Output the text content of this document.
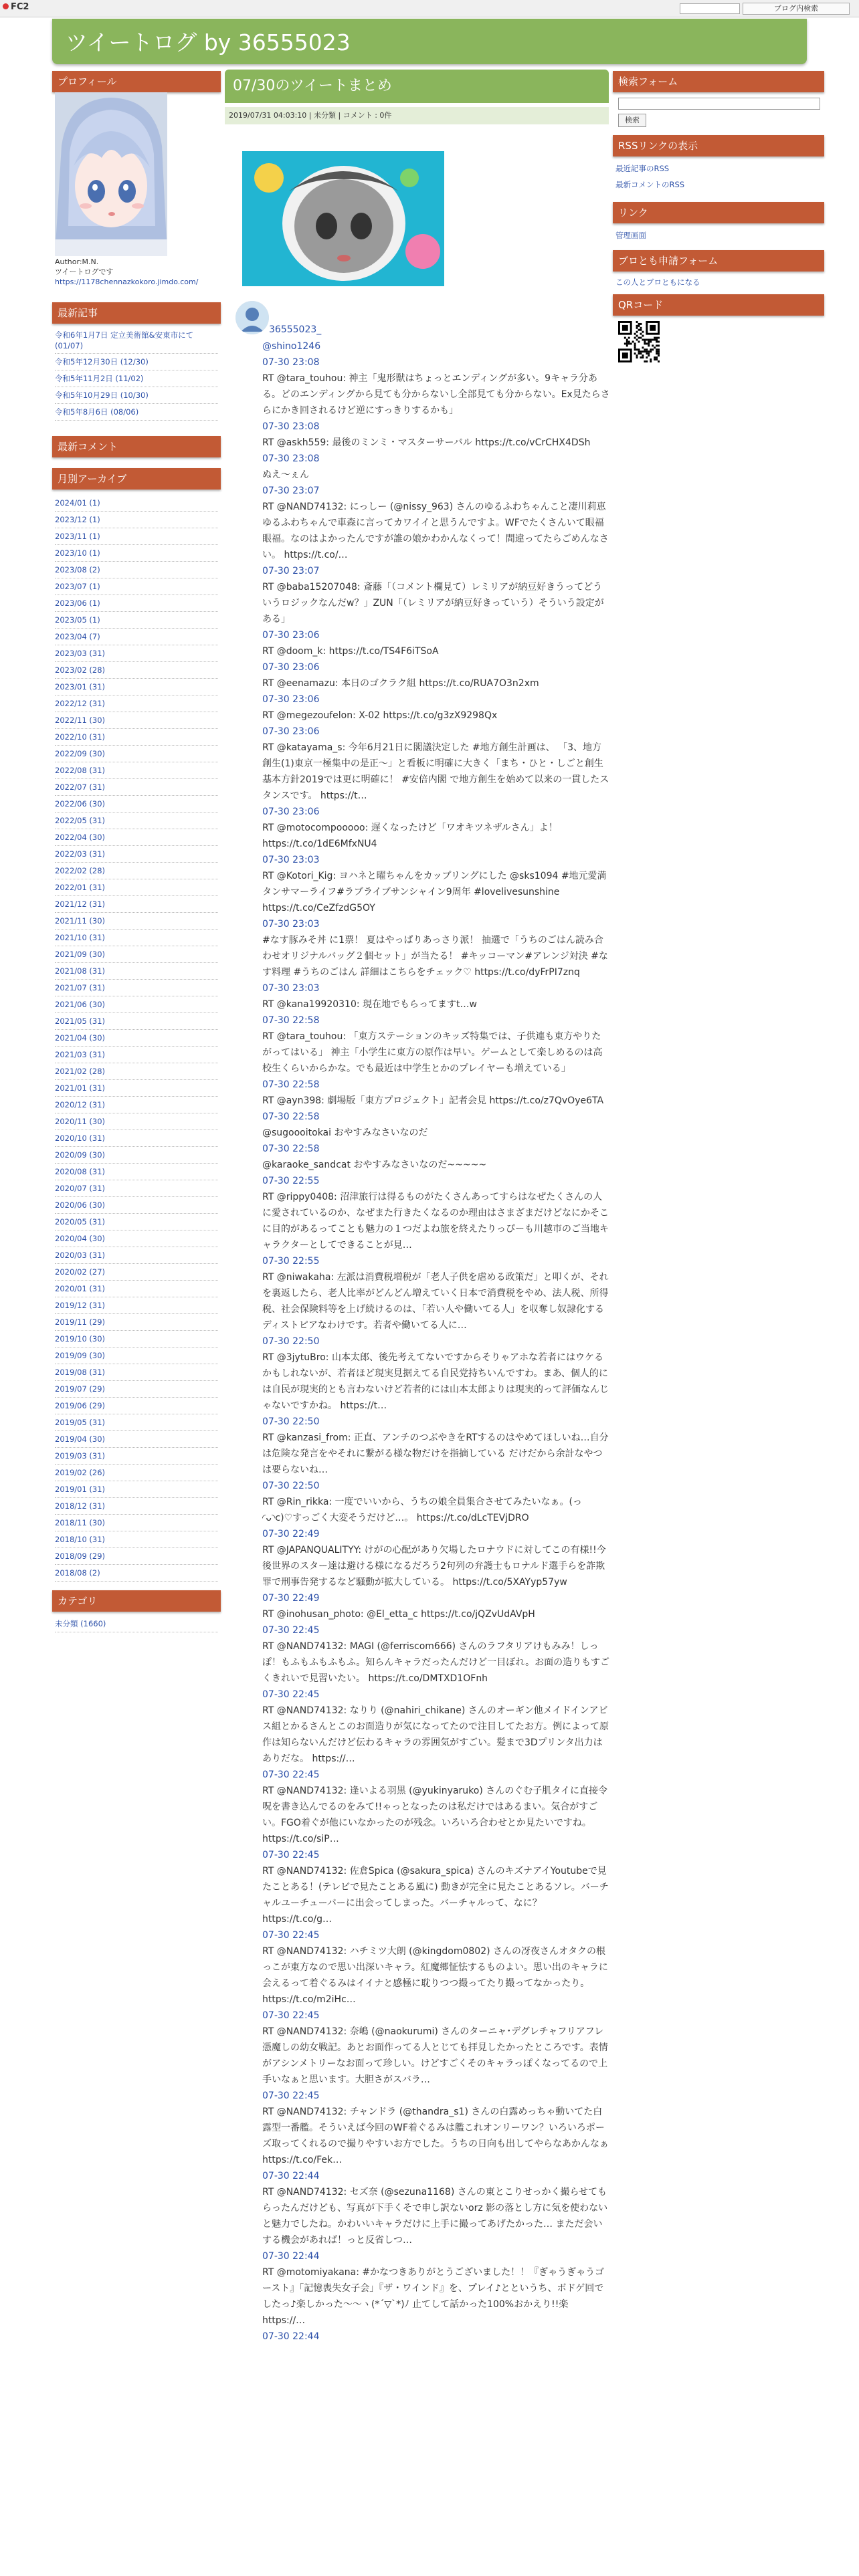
FC2	ブログ内検索
ツイートログ by 36555023
プロフィール
Author:M.N.
ツイートログです
https://1178chennazkokoro.jimdo.com/
最新記事
令和6年1月7日 定立美術館&安東市にて (01/07)
令和5年12月30日 (12/30)
令和5年11月2日 (11/02)
令和5年10月29日 (10/30)
令和5年8月6日 (08/06)
最新コメント
月別アーカイブ
2024/01 (1)
2023/12 (1)
2023/11 (1)
2023/10 (1)
2023/08 (2)
2023/07 (1)
2023/06 (1)
2023/05 (1)
2023/04 (7)
2023/03 (31)
2023/02 (28)
2023/01 (31)
2022/12 (31)
2022/11 (30)
2022/10 (31)
2022/09 (30)
2022/08 (31)
2022/07 (31)
2022/06 (30)
2022/05 (31)
2022/04 (30)
2022/03 (31)
2022/02 (28)
2022/01 (31)
2021/12 (31)
2021/11 (30)
2021/10 (31)
2021/09 (30)
2021/08 (31)
2021/07 (31)
2021/06 (30)
2021/05 (31)
2021/04 (30)
2021/03 (31)
2021/02 (28)
2021/01 (31)
2020/12 (31)
2020/11 (30)
2020/10 (31)
2020/09 (30)
2020/08 (31)
2020/07 (31)
2020/06 (30)
2020/05 (31)
2020/04 (30)
2020/03 (31)
2020/02 (27)
2020/01 (31)
2019/12 (31)
2019/11 (29)
2019/10 (30)
2019/09 (30)
2019/08 (31)
2019/07 (29)
2019/06 (29)
2019/05 (31)
2019/04 (30)
2019/03 (31)
2019/02 (26)
2019/01 (31)
2018/12 (31)
2018/11 (30)
2018/10 (31)
2018/09 (29)
2018/08 (2)
カテゴリ
未分類 (1660)
07/30のツイートまとめ
2019/07/31 04:03:10 | 未分類 | コメント : 0件
36555023_
@shino1246
07-30 23:08
RT @tara_touhou: 神主「鬼形獣はちょっとエンディングが多い。9キャラ分ある。どのエンディングから見ても分からないし全部見ても分からない。Ex見たらさらにかき回されるけど逆にすっきりするかも」
07-30 23:08
RT @askh559: 最後のミンミ・マスターサーバル https://t.co/vCrCHX4DSh
07-30 23:08
ぬえ〜ぇん
07-30 23:07
RT @NAND74132: にっしー (@nissy_963) さんのゆるふわちゃんこと凄川莉恵ゆるふわちゃんで車森に言ってカワイイと思うんですよ。WFでたくさんいて眼福眼福。なのはよかったんですが誰の娘かわかんなくって！間違ってたらごめんなさい。 https://t.co/…
07-30 23:07
RT @baba15207048: 斎藤「（コメント欄見て）レミリアが納豆好きうってどういうロジックなんだw？」ZUN「（レミリアが納豆好きっていう）そういう設定がある」
07-30 23:06
RT @doom_k: https://t.co/TS4F6iTSoA
07-30 23:06
RT @eenamazu: 本日のゴクラク組 https://t.co/RUA7O3n2xm
07-30 23:06
RT @megezoufelon: X-02 https://t.co/g3zX9298Qx
07-30 23:06
RT @katayama_s: 今年6月21日に閣議決定した #地方創生計画は、 「3、地方創生(1)東京一極集中の是正〜」と看板に明確に大きく「まち・ひと・しごと創生基本方針2019では更に明確に！ #安倍内閣 で地方創生を始めて以来の一貫したスタンスです。 https://t…
07-30 23:06
RT @motocompooooo: 遅くなったけど「ワオキツネザルさん」よ！ https://t.co/1dE6MfxNU4
07-30 23:03
RT @Kotori_Kig: ヨハネと曜ちゃんをカップリングにした @sks1094 #地元愛満タンサマーライフ#ラブライブサンシャイン9周年 #lovelivesunshine https://t.co/CeZfzdG5OY
07-30 23:03
#なす豚みそ丼 に1票！ 夏はやっぱりあっさり派！ 抽選で「うちのごはん読み合わせオリジナルバッグ２個セット」が当たる！ #キッコーマン#アレンジ対決 #なす料理 #うちのごはん 詳細はこちらをチェック♡ https://t.co/dyFrPI7znq
07-30 23:03
RT @kana19920310: 現在地でもらってますt…w
07-30 22:58
RT @tara_touhou: 「東方ステーションのキッズ特集では、子供連も東方やりたがってはいる」 神主「小学生に東方の原作は早い。ゲームとして楽しめるのは高校生くらいからかな。でも最近は中学生とかのプレイヤーも増えている」
07-30 22:58
RT @ayn398: 劇場版「東方プロジェクト」記者会見 https://t.co/z7QvOye6TA
07-30 22:58
@sugoooitokai おやすみなさいなのだ
07-30 22:58
@karaoke_sandcat おやすみなさいなのだ~~~~~
07-30 22:55
RT @rippy0408: 沼津旅行は得るものがたくさんあってすらはなぜたくさんの人に愛されているのか、なぜまた行きたくなるのか理由はさまざまだけどなにかそこに目的があるってことも魅力の１つだよね旅を終えたりっぴーも川越市のご当地キャラクターとしてできることが見…
07-30 22:55
RT @niwakaha: 左派は消費税増税が「老人子供を虐める政策だ」と叩くが、それを裏返したら、老人比率がどんどん増えていく日本で消費税をやめ、法人税、所得税、社会保険料等を上げ続けるのは、「若い人や働いてる人」を収奪し奴隷化するディストピアなわけです。若者や働いてる人に…
07-30 22:50
RT @3jytuBro: 山本太郎、後先考えてないですからそりゃアホな若者にはウケるかもしれないが、若者ほど現実見据えてる自民党持ちいんですわ。まあ、個人的には自民が現実的とも言わないけど若者的には山本太郎よりは現実的って評価なんじゃないですかね。 https://t…
07-30 22:50
RT @kanzasi_from: 正直、アンチのつぶやきをRTするのはやめてほしいね…自分は危険な発言をやそれに繋がる様な物だけを指摘している だけだから余計なやつは要らないね…
07-30 22:50
RT @Rin_rikka: 一度でいいから、うちの娘全員集合させてみたいなぁ。(っ◜ᴗ◝c)♡すっごく大変そうだけど…。 https://t.co/dLcTEVjDRO
07-30 22:49
RT @JAPANQUALITYY: けがの心配があり欠場したロナウドに対してこの有様!!今後世界のスター達は避ける様になるだろう2句列の弁護士もロナルド選手らを詐欺罪で刑事告発するなど騒動が拡大している。 https://t.co/5XAYyp57yw
07-30 22:49
RT @inohusan_photo: @El_etta_c https://t.co/jQZvUdAVpH
07-30 22:45
RT @NAND74132: MAGI (@ferriscom666) さんのラフタリアけもみみ！しっぽ！もふもふもふもふ。知らんキャラだったんだけど一目ぼれ。お面の造りもすごくきれいで見習いたい。 https://t.co/DMTXD1OFnh
07-30 22:45
RT @NAND74132: なりり (@nahiri_chikane) さんのオーギン他メイドインアビス組とかるさんとこのお面造りが気になってたので注目してたお方。例によって原作は知らないんだけど伝わるキャラの雰囲気がすごい。髪まで3Dプリンタ出力はありだな。 https://…
07-30 22:45
RT @NAND74132: 逢いよる羽黒 (@yukinyaruko) さんのぐむ子肌タイに直接令呪を書き込んでるのをみて!!ゃっとなったのは私だけではあるまい。気合がすごい。FGO着ぐが他にいなかったのが残念。いろいろ合わせとか見たいですね。 https://t.co/siP…
07-30 22:45
RT @NAND74132: 佐倉Spica (@sakura_spica) さんのキズナアイYoutubeで見たことある！(テレビで見たことある風に) 動きが完全に見たことあるソレ。バーチャルユーチューバーに出会ってしまった。バーチャルって、なに？ https://t.co/g…
07-30 22:45
RT @NAND74132: ハチミツ大朗 (@kingdom0802) さんの冴夜さんオタクの根っこが東方なので思い出深いキャラ。紅魔郷怔怯するものよい。思い出のキャラに会えるって着ぐるみはイイナと感極に耽りつつ撮ってたり撮ってなかったり。 https://t.co/m2iHc…
07-30 22:45
RT @NAND74132: 奈嶋 (@naokurumi) さんのターニャ･デグレチャフリアフレ憑魔しの幼女戦記。あとお面作ってる人とじても拝見したかったところです。表情がアシンメトリーなお面って珍しい。けどすごくそのキャラっぽくなってるので上手いなぁと思います。大胆さがスバラ…
07-30 22:45
RT @NAND74132: チャンドラ (@thandra_s1) さんの白露めっちゃ動いてた白露型一番艦。そういえば今回のWF着ぐるみは艦これオンリーワン？いろいろポーズ取ってくれるので撮りやすいお方でした。うちの日向も出してやらなあかんなぁ https://t.co/Fek…
07-30 22:44
RT @NAND74132: セズ奈 (@sezuna1168) さんの東とこりせっかく撮らせてもらったんだけども、写真が下手くそで申し訳ないorz 影の落とし方に気を使わないと魅力でしたね。かわいいキャラだけに上手に撮ってあげたかった… まただ会いする機会があれば！っと反省しつ…
07-30 22:44
RT @motomiyakana: #かなつきありがとうございました！！『ぎゃうぎゃうゴースト』「記憶喪失女子会」『ザ・ワインド』を、プレイ♪とというち、ボドゲ回でしたっ♪楽しかった〜〜ヽ(*´▽`*)ﾉ 止てして話かった100%おかえり!!楽 https://…
07-30 22:44
検索フォーム
検索
RSSリンクの表示
最近記事のRSS
最新コメントのRSS
リンク
管理画面
ブロとも申請フォーム
この人とブロともになる
QRコード
